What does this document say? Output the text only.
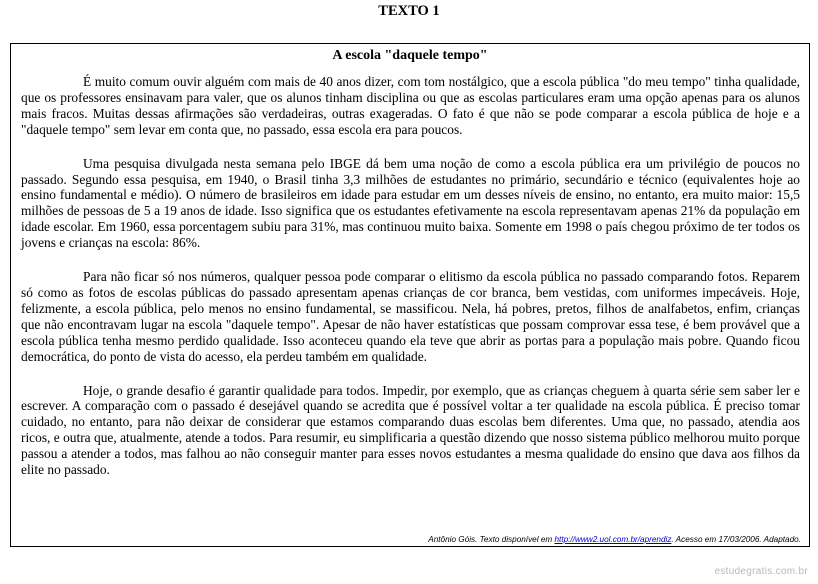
TEXTO 1
A escola "daquele tempo"

É muito comum ouvir alguém com mais de 40 anos dizer, com tom nostálgico, que a escola pública "do meu tempo" tinha qualidade, que os professores ensinavam para valer, que os alunos tinham disciplina ou que as escolas particulares eram uma opção apenas para os alunos mais fracos. Muitas dessas afirmações são verdadeiras, outras exageradas. O fato é que não se pode comparar a escola pública de hoje e a "daquele tempo" sem levar em conta que, no passado, essa escola era para poucos.

Uma pesquisa divulgada nesta semana pelo IBGE dá bem uma noção de como a escola pública era um privilégio de poucos no passado. Segundo essa pesquisa, em 1940, o Brasil tinha 3,3 milhões de estudantes no primário, secundário e técnico (equivalentes hoje ao ensino fundamental e médio). O número de brasileiros em idade para estudar em um desses níveis de ensino, no entanto, era muito maior: 15,5 milhões de pessoas de 5 a 19 anos de idade. Isso significa que os estudantes efetivamente na escola representavam apenas 21% da população em idade escolar. Em 1960, essa porcentagem subiu para 31%, mas continuou muito baixa. Somente em 1998 o país chegou próximo de ter todos os jovens e crianças na escola: 86%.

Para não ficar só nos números, qualquer pessoa pode comparar o elitismo da escola pública no passado comparando fotos. Reparem só como as fotos de escolas públicas do passado apresentam apenas crianças de cor branca, bem vestidas, com uniformes impecáveis. Hoje, felizmente, a escola pública, pelo menos no ensino fundamental, se massificou. Nela, há pobres, pretos, filhos de analfabetos, enfim, crianças que não encontravam lugar na escola "daquele tempo". Apesar de não haver estatísticas que possam comprovar essa tese, é bem provável que a escola pública tenha mesmo perdido qualidade. Isso aconteceu quando ela teve que abrir as portas para a população mais pobre. Quando ficou democrática, do ponto de vista do acesso, ela perdeu também em qualidade.

Hoje, o grande desafio é garantir qualidade para todos. Impedir, por exemplo, que as crianças cheguem à quarta série sem saber ler e escrever. A comparação com o passado é desejável quando se acredita que é possível voltar a ter qualidade na escola pública. É preciso tomar cuidado, no entanto, para não deixar de considerar que estamos comparando duas escolas bem diferentes. Uma que, no passado, atendia aos ricos, e outra que, atualmente, atende a todos. Para resumir, eu simplificaria a questão dizendo que nosso sistema público melhorou muito porque passou a atender a todos, mas falhou ao não conseguir manter para esses novos estudantes a mesma qualidade do ensino que dava aos filhos da elite no passado.

Antônio Góis. Texto disponível em http://www2.uol.com.br/aprendiz. Acesso em 17/03/2006. Adaptado.
estudegratis.com.br
